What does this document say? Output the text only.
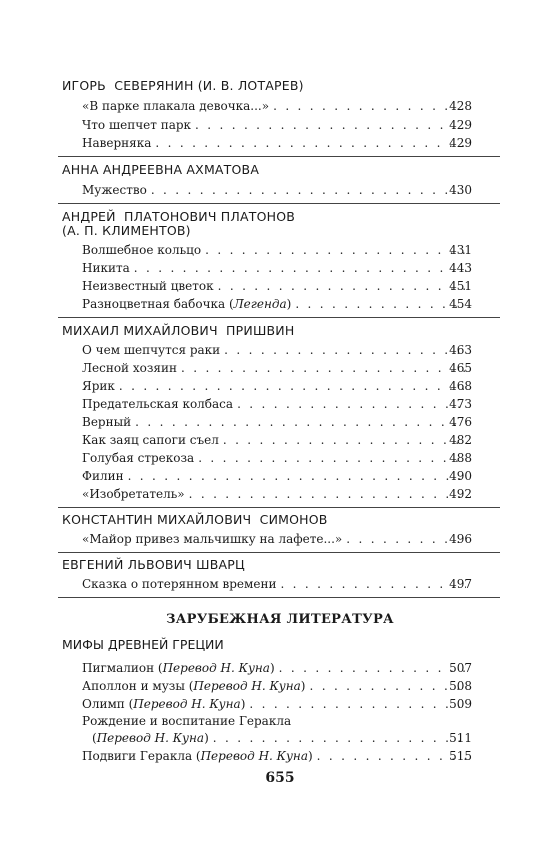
ИГОРЬ  СЕВЕРЯНИН (И. В. ЛОТАРЕВ)
«В парке плакала девочка...» . . .	428
Что шепчет парк . . .	429
Наверняка . . .	429
АННА АНДРЕЕВНА АХМАТОВА
Мужество . . .	430
АНДРЕЙ  ПЛАТОНОВИЧ ПЛАТОНОВ
(А. П. КЛИМЕНТОВ)
Волшебное кольцо . . .	431
Никита . . .	443
Неизвестный цветок . . .	451
Разноцветная бабочка (Легенда) . . .	454
МИХАИЛ МИХАЙЛОВИЧ  ПРИШВИН
О чем шепчутся раки . . .	463
Лесной хозяин . . .	465
Ярик . . .	468
Предательская колбаса . . .	473
Верный . . .	476
Как заяц сапоги съел . . .	482
Голубая стрекоза . . .	488
Филин . . .	490
«Изобретатель» . . .	492
КОНСТАНТИН МИХАЙЛОВИЧ  СИМОНОВ
«Майор привез мальчишку на лафете...» . . .	496
ЕВГЕНИЙ ЛЬВОВИЧ ШВАРЦ
Сказка о потерянном времени . . .	497
ЗАРУБЕЖНАЯ ЛИТЕРАТУРА
МИФЫ ДРЕВНЕЙ ГРЕЦИИ
Пигмалион (Перевод Н. Куна) . . .	507
Аполлон и музы (Перевод Н. Куна) . . .	508
Олимп (Перевод Н. Куна) . . .	509
Рождение и воспитание Геракла
(Перевод Н. Куна) . . .	511
Подвиги Геракла (Перевод Н. Куна) . . .	515
655
